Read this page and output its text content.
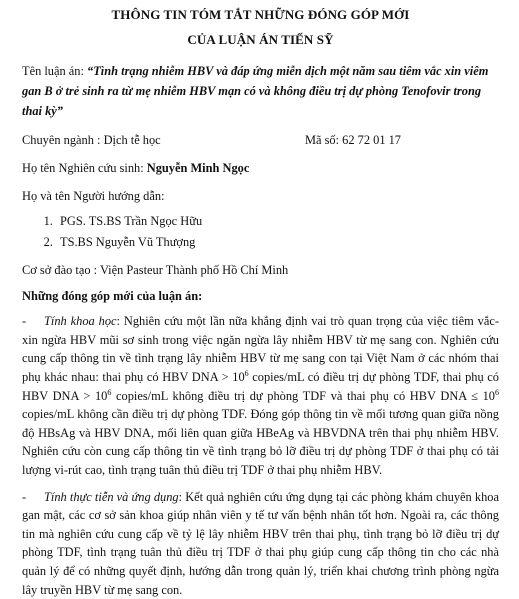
THÔNG TIN TÓM TẮT NHỮNG ĐÓNG GÓP MỚI

CỦA LUẬN ÁN TIẾN SỸ

Tên luận án: “Tình trạng nhiễm HBV và đáp ứng miễn dịch một năm sau tiêm vắc xin viêm gan B ở trẻ sinh ra từ mẹ nhiễm HBV mạn có và không điều trị dự phòng Tenofovir trong thai kỳ”

Chuyên ngành : Dịch tễ học	Mã số: 62 72 01 17

Họ tên Nghiên cứu sinh: Nguyễn Minh Ngọc

Họ và tên Người hướng dẫn:

1. PGS. TS.BS Trần Ngọc Hữu
2. TS.BS Nguyễn Vũ Thượng

Cơ sở đào tạo : Viện Pasteur Thành phố Hồ Chí Minh

Những đóng góp mới của luận án:

- Tính khoa học: Nghiên cứu một lần nữa khẳng định vai trò quan trọng của việc tiêm vắc-xin ngừa HBV mũi sơ sinh trong việc ngăn ngừa lây nhiễm HBV từ mẹ sang con. Nghiên cứu cung cấp thông tin về tình trạng lây nhiễm HBV từ mẹ sang con tại Việt Nam ở các nhóm thai phụ khác nhau: thai phụ có HBV DNA > $10^6$ copies/mL có điều trị dự phòng TDF, thai phụ có HBV DNA > $10^6$ copies/mL không điều trị dự phòng TDF và thai phụ có HBV DNA ≤ $10^6$ copies/mL không cần điều trị dự phòng TDF. Đóng góp thông tin về mối tương quan giữa nồng độ HBsAg và HBV DNA, mối liên quan giữa HBeAg và HBVDNA trên thai phụ nhiễm HBV. Nghiên cứu còn cung cấp thông tin về tình trạng bỏ lỡ điều trị dự phòng TDF ở thai phụ có tải lượng vi-rút cao, tình trạng tuân thủ điều trị TDF ở thai phụ nhiễm HBV.

- Tính thực tiễn và ứng dụng: Kết quả nghiên cứu ứng dụng tại các phòng khám chuyên khoa gan mật, các cơ sở sản khoa giúp nhân viên y tế tư vấn bệnh nhân tốt hơn. Ngoài ra, các thông tin mà nghiên cứu cung cấp về tỷ lệ lây nhiễm HBV trên thai phụ, tình trạng bỏ lỡ điều trị dự phòng TDF, tình trạng tuân thủ điều trị TDF ở thai phụ giúp cung cấp thông tin cho các nhà quản lý để có những quyết định, hướng dẫn trong quản lý, triển khai chương trình phòng ngừa lây truyền HBV từ mẹ sang con.
